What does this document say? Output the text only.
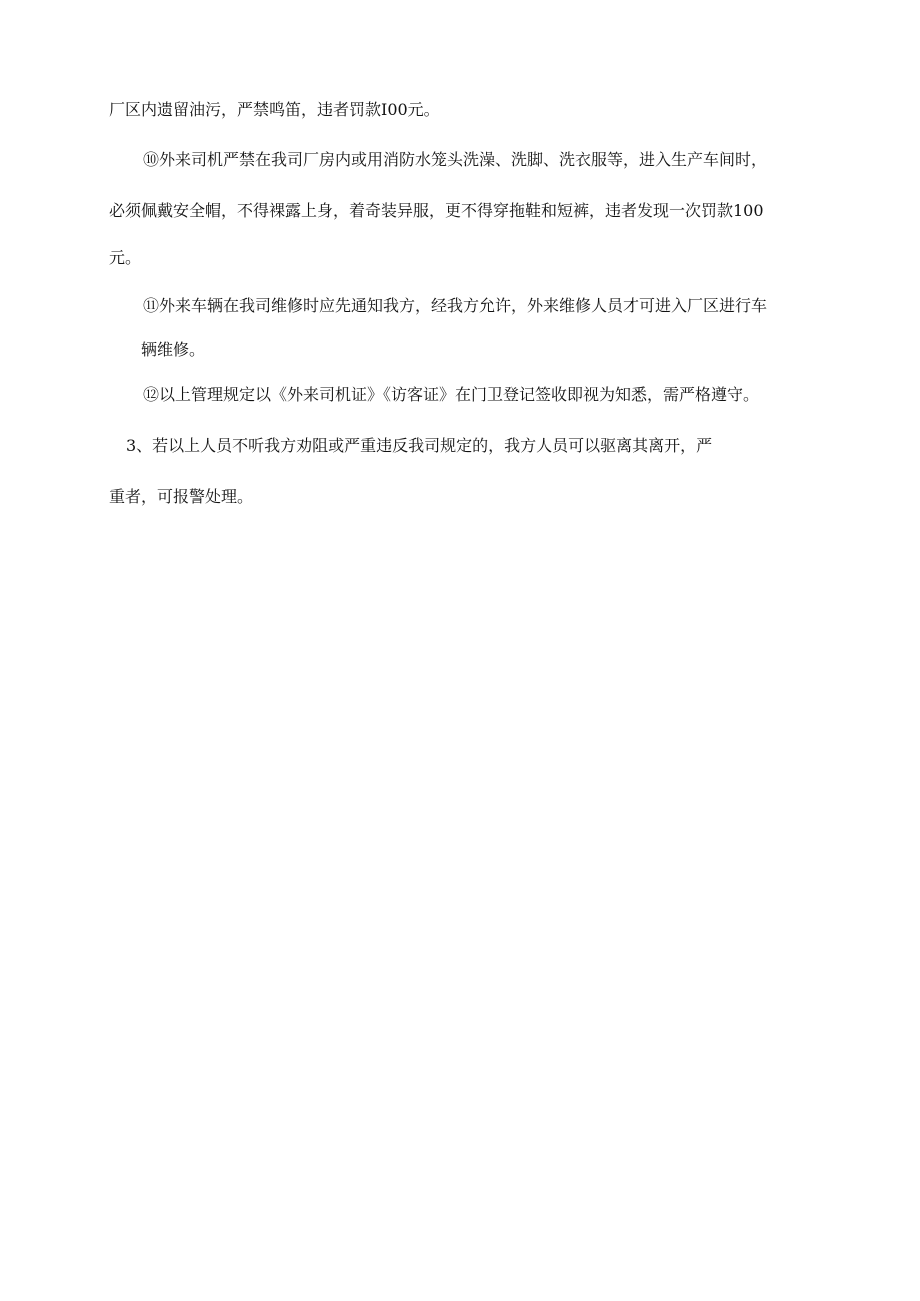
厂区内遗留油污，严禁鸣笛，违者罚款I00元。
⑩外来司机严禁在我司厂房内或用消防水笼头洗澡、洗脚、洗衣服等，进入生产车间时，
必须佩戴安全帽，不得裸露上身，着奇装异服，更不得穿拖鞋和短裤，违者发现一次罚款100
元。
⑪外来车辆在我司维修时应先通知我方，经我方允许，外来维修人员才可进入厂区进行车
辆维修。
⑫以上管理规定以《外来司机证》《访客证》在门卫登记签收即视为知悉，需严格遵守。
3、若以上人员不听我方劝阻或严重违反我司规定的，我方人员可以驱离其离开，严
重者，可报警处理。
